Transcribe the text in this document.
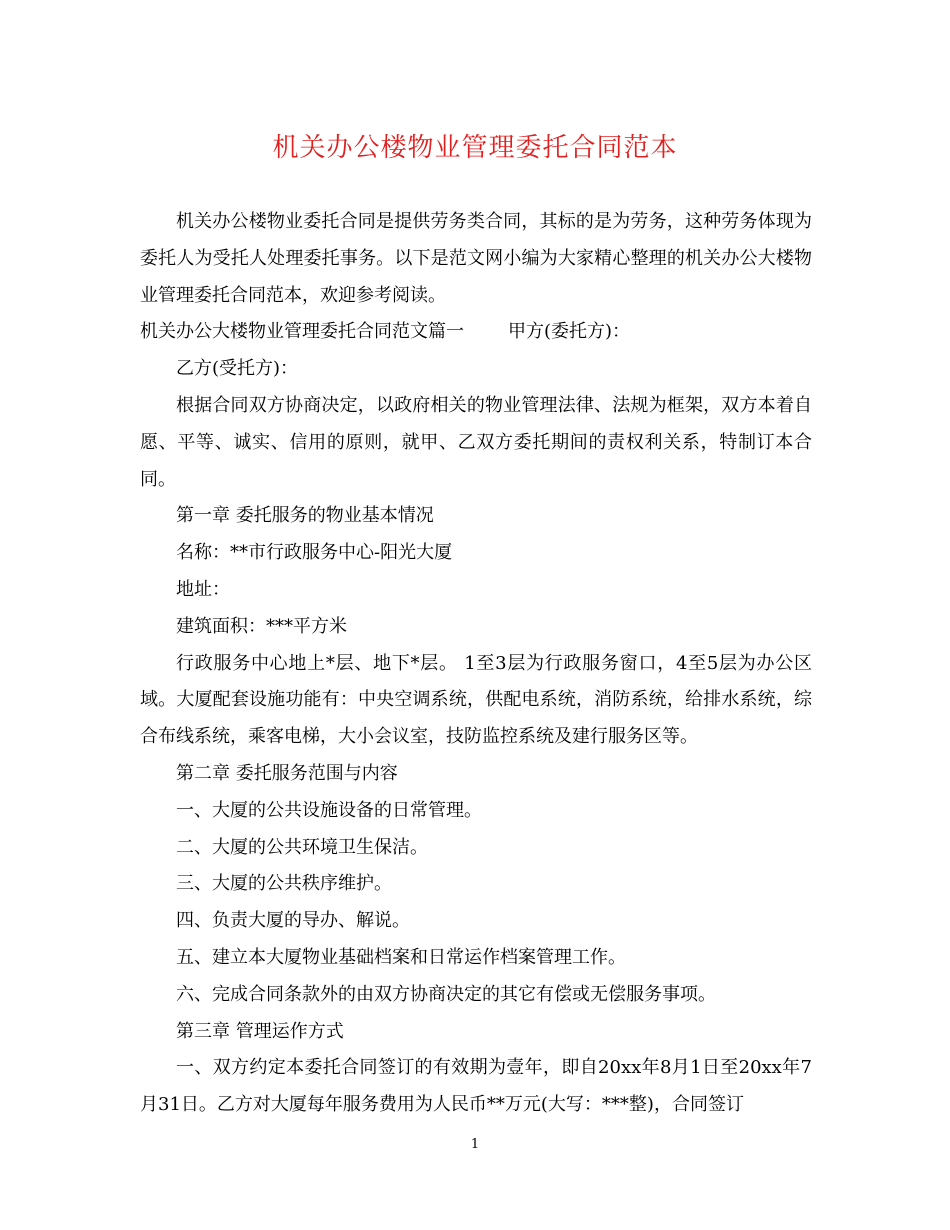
机关办公楼物业管理委托合同范本

机关办公楼物业委托合同是提供劳务类合同，其标的是为劳务，这种劳务体现为委托人为受托人处理委托事务。以下是范文网小编为大家精心整理的机关办公大楼物业管理委托合同范本，欢迎参考阅读。

机关办公大楼物业管理委托合同范文篇一 甲方(委托方)：

乙方(受托方)：

根据合同双方协商决定，以政府相关的物业管理法律、法规为框架，双方本着自愿、平等、诚实、信用的原则，就甲、乙双方委托期间的责权利关系，特制订本合同。

第一章 委托服务的物业基本情况

名称：**市行政服务中心-阳光大厦

地址：

建筑面积：***平方米

行政服务中心地上*层、地下*层。 1至3层为行政服务窗口，4至5层为办公区域。大厦配套设施功能有：中央空调系统，供配电系统，消防系统，给排水系统，综合布线系统，乘客电梯，大小会议室，技防监控系统及建行服务区等。

第二章 委托服务范围与内容

一、大厦的公共设施设备的日常管理。

二、大厦的公共环境卫生保洁。

三、大厦的公共秩序维护。

四、负责大厦的导办、解说。

五、建立本大厦物业基础档案和日常运作档案管理工作。

六、完成合同条款外的由双方协商决定的其它有偿或无偿服务事项。

第三章 管理运作方式

一、双方约定本委托合同签订的有效期为壹年，即自20xx年8月1日至20xx年7月31日。乙方对大厦每年服务费用为人民币**万元(大写：***整)，合同签订

1
